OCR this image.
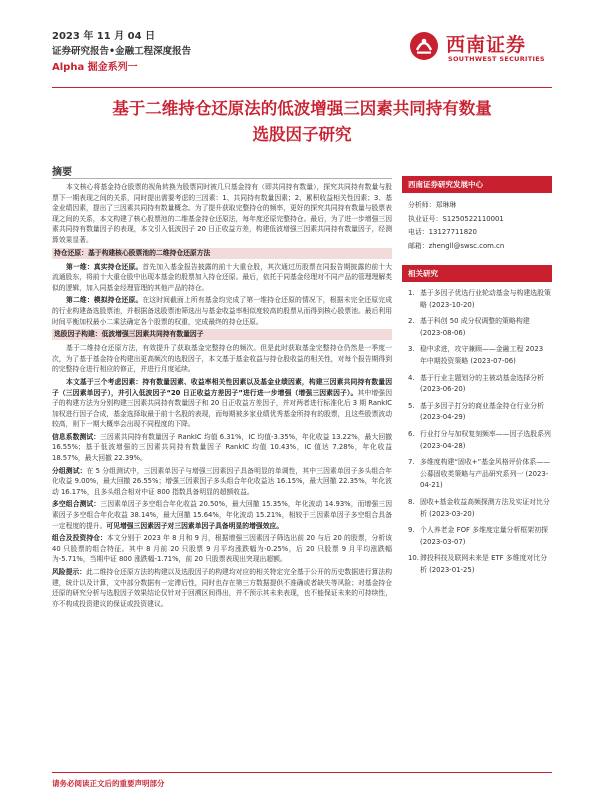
2023 年 11 月 04 日
证券研究报告•金融工程深度报告
Alpha 掘金系列一
西南证券
SOUTHWEST SECURITIES
基于二维持仓还原法的低波增强三因素共同持有数量
选股因子研究
摘要

本文核心将基金持仓股票的视角转换为股票同时被几只基金持有（即共同持有数量），探究共同持有数量与股票下一期表现之间的关系，同时提出需要考虑的三因素：1、共同持有数量因素；2、累积收益相关性因素；3、基金业绩因素，提出了三因素共同持有数量概念。为了提升获取完整持仓的频率，更好的探究共同持有数量与股票表现之间的关系，本文构建了核心股票池的二维基金持仓还原法，每年度还原完整持仓。最后，为了进一步增强三因素共同持有数量因子的表现，本文引入低波因子 20 日正收益方差，构建低波增强三因素共同持有数量因子，经测算效果显著。

持仓还原：基于构建核心股票池的二维持仓还原方法

第一维：真实持仓还原。首先加入基金报告披露的前十大重仓股，其次通过历股票在同报告期披露的前十大流通股东，将前十大重仓股中出现本基金的股票加入持仓还原。最后，依托于同基金经理对不同产品的管理理解类似的逻辑，加入同基金经理管理的其他产品的持仓。

第二维：模拟持仓还原。在这时间截面上所有基金均完成了第一维持仓还原的情况下，根据未完全还原完成的行业构建备选股票池，并根据备选股票池筛选出与基金收益率相似度较高的股票从而得到核心股票池。最后利用时间平衡加权最小二乘法确定各个股票的权重，完成最终的持仓还原。

选股因子构建：低波增强三因素共同持有数量因子

基于二维持仓还原方法，有效提升了获取基金完整持仓的频次。但是此时获取基金完整持仓仍然是一季度一次，为了基于基金持仓构建出更高频次的选股因子，本文基于基金收益与持仓股收益的相关性，对每个报告期得到的完整持仓进行相应的修正，并进行月度延续。

本文基于三个考虑因素：持有数量因素、收益率相关性因素以及基金业绩因素，构建三因素共同持有数量因子（三因素单因子），并引入低波因子“20 日正收益方差因子”进行进一步增强（增强三因素因子）。其中增强因子的构建方法为分别构建三因素共同持有数量因子和 20 日正收益方差因子，并对两者进行标准化后 3 期 RankIC 加权进行因子合成，基金选择取最于前十名股的表现，而每期被多家业绩优秀基金所持有的股票，且这些股票波动较高，则下一期大概率会出现不同程度的下降。

信息系数测试：三因素共同持有数量因子 RankIC 均值 6.31%，IC 均值-3.35%，年化收益 13.22%，最大回撤 16.55%；基于低波增强的三因素共同持有数量因子 RankIC 均值 10.43%，IC 值达 7.28%，年化收益 18.57%，最大回撤 22.39%。

分组测试：在 5 分组测试中，三因素单因子与增强三因素因子具备明显的单调性，其中三因素单因子多头组合年化收益 9.00%，最大回撤 26.55%；增强三因素因子多头组合年化收益达 16.15%，最大回撤 22.35%，年化波动 16.17%，且多头组合相对中证 800 指数具备明显的超额收益。

多空组合测试：三因素单因子多空组合年化收益 20.50%，最大回撤 15.35%，年化波动 14.93%，而增强三因素因子多空组合年化收益 38.14%，最大回撤 15.64%，年化波动 15.21%，相较于三因素单因子多空组合具备一定程度的提升。可见增强三因素因子对三因素单因子具备明显的增强效应。

组合及投资持仓：本文分别于 2023 年 8 月和 9 月，根据增强三因素因子筛选出前 20 与后 20 的股票，分析该 40 只股票的组合特征。其中 8 月前 20 只股票 9 月平均涨跌幅为-0.25%，后 20 只股票 9 月平均涨跌幅为-5.71%，当期中证 800 涨跌幅-1.71%，前 20 只股票表现出突现出超额。

风险提示：此二维持仓还原方法的构建以及选股因子的构建均对应的相关特定完全基于公开的历史数据进行算法构建，统计以及计算，文中部分数据有一定滞后性，同时也存在第三方数据提供不准确或者缺失等风险；对基金持仓还原的研究分析与选股因子效果结论仅针对于回溯区间得出，并不预示其未来表现，也不能保证未来的可持续性，亦不构成投资建议的保证或投资建议。

西南证券研究发展中心
分析师：郑琳琳
执业证号：S1250522110001
电话：13127711820
邮箱：zhengll@swsc.com.cn
相关研究
1. 基于多因子优选行业轮动基金与构建选股策略 (2023-10-20)
2. 基于科创 50 成分权调整的策略构建(2023-08-06)
3. 稳中求进，攻守兼顾——金融工程 2023 年中期投资策略 (2023-07-06)
4. 基于行业主题划分的主被动基金选择分析 (2023-06-20)
5. 基于多因子打分的商业基金持仓行业分析 (2023-04-29)
6. 行业打分与加权复刻频率——因子选股系列 (2023-04-28)
7. 多维度构建“固收+”基金风格评价体系——公募固收类策略与产品研究系列一 (2023-04-21)
8. 固收+基金收益高频探测方法及实证对比分析 (2023-03-20)
9. 个人养老金 FOF 多维度定量分析框架初探 (2023-03-07)
10. 滞投科技及联网未来是 ETF 多维度对比分析 (2023-01-25)
请务必阅读正文后的重要声明部分
